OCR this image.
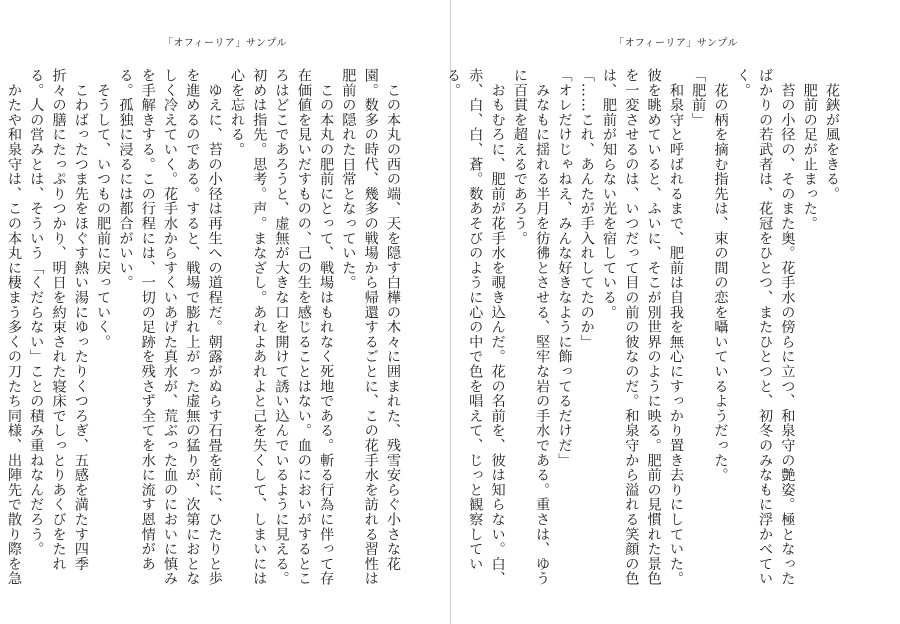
「オフィーリア」サンプル

　この本丸の西の端、天を隠す白樺の木々に囲まれた、残雪安らぐ小さな花園。数多の時代、幾多の戦場から帰還するごとに、この花手水を訪れる習性は肥前の隠れた日常となっていた。

　この本丸の肥前にとって、戦場はもれなく死地である。斬る行為に伴って存在価値を見いだすものの、己の生を感じることはない。血のにおいがするところはどこであろうと、虚無が大きな口を開けて誘い込んでいるように見える。初めは指先。思考。声。まなざし。あれよあれよと己を失くして、しまいには心を忘れる。

　ゆえに、苔の小径は再生への道程だ。朝露がぬらす石畳を前に、ひたりと歩を進めるのである。すると、戦場で膨れ上がった虚無の猛りが、次第におとなしく冷えていく。花手水からすくいあげた真水が、荒ぶった血のにおいに慎みを手解きする。この行程には、一切の足跡を残さず全てを水に流す恩情がある。孤独に浸るには都合がいい。

　そうして、いつもの肥前に戻っていく。

　こわばったつま先をほぐす熱い湯にゆったりくつろぎ、五感を満たす四季折々の膳にたっぷりつかり、明日を約束された寝床でしっとりあくびをたれる。人の営みとは、そういう「くだらない」ことの積み重ねなんだろう。

　かたや和泉守は、この本丸に棲まう多くの刀たち同様、出陣先で散り際を急

「オフィーリア」サンプル

　花鋏が風をきる。

　肥前の足が止まった。

　苔の小径の、そのまた奥。花手水の傍らに立つ、和泉守の艶姿。極となったばかりの若武者は、花冠をひとつ、またひとつと、初冬のみなもに浮かべていく。

　花の柄を摘む指先は、束の間の恋を囁いているようだった。

「肥前」

　和泉守と呼ばれるまで、肥前は自我を無心にすっかり置き去りにしていた。彼を眺めていると、ふいに、そこが別世界のように映る。肥前の見慣れた景色を一変させるのは、いつだって目の前の彼なのだ。和泉守から溢れる笑顔の色は、肥前が知らない光を宿している。

「……これ、あんたが手入れしてたのか」

「オレだけじゃねえ、みんな好きなように飾ってるだけだ」

　みなもに揺れる半月を彷彿とさせる、堅牢な岩の手水である。重さは、ゆうに百貫を超えるであろう。

　おもむろに、肥前が花手水を覗き込んだ。花の名前を、彼は知らない。白、赤、白、白、蒼。数あそびのように心の中で色を唱えて、じっと観察している。
